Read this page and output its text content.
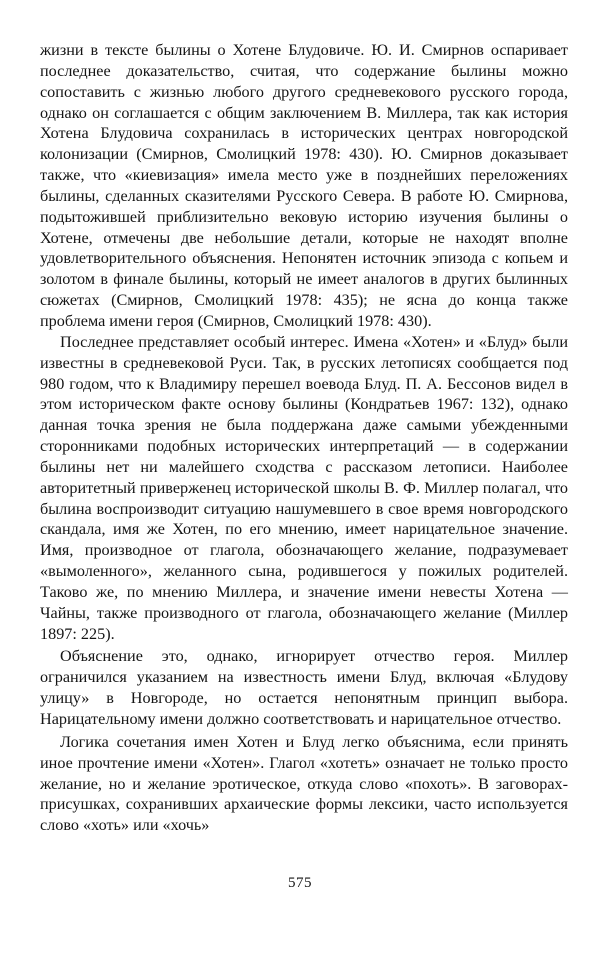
жизни в тексте былины о Хотене Блудовиче. Ю. И. Смирнов оспаривает последнее доказательство, считая, что содержание былины можно сопоставить с жизнью любого другого средневекового русского города, однако он соглашается с общим заключением В. Миллера, так как история Хотена Блудовича сохранилась в исторических центрах новгородской колонизации (Смирнов, Смолицкий 1978: 430). Ю. Смирнов доказывает также, что «киевизация» имела место уже в позднейших переложениях былины, сделанных сказителями Русского Севера. В работе Ю. Смирнова, подытожившей приблизительно вековую историю изучения былины о Хотене, отмечены две небольшие детали, которые не находят вполне удовлетворительного объяснения. Непонятен источник эпизода с копьем и золотом в финале былины, который не имеет аналогов в других былинных сюжетах (Смирнов, Смолицкий 1978: 435); не ясна до конца также проблема имени героя (Смирнов, Смолицкий 1978: 430).

Последнее представляет особый интерес. Имена «Хотен» и «Блуд» были известны в средневековой Руси. Так, в русских летописях сообщается под 980 годом, что к Владимиру перешел воевода Блуд. П. А. Бессонов видел в этом историческом факте основу былины (Кондратьев 1967: 132), однако данная точка зрения не была поддержана даже самыми убежденными сторонниками подобных исторических интерпретаций — в содержании былины нет ни малейшего сходства с рассказом летописи. Наиболее авторитетный приверженец исторической школы В. Ф. Миллер полагал, что былина воспроизводит ситуацию нашумевшего в свое время новгородского скандала, имя же Хотен, по его мнению, имеет нарицательное значение. Имя, производное от глагола, обозначающего желание, подразумевает «вымоленного», желанного сына, родившегося у пожилых родителей. Таково же, по мнению Миллера, и значение имени невесты Хотена — Чайны, также производного от глагола, обозначающего желание (Миллер 1897: 225).

Объяснение это, однако, игнорирует отчество героя. Миллер ограничился указанием на известность имени Блуд, включая «Блудову улицу» в Новгороде, но остается непонятным принцип выбора. Нарицательному имени должно соответствовать и нарицательное отчество.

Логика сочетания имен Хотен и Блуд легко объяснима, если принять иное прочтение имени «Хотен». Глагол «хотеть» означает не только просто желание, но и желание эротическое, откуда слово «похоть». В заговорах-присушках, сохранивших архаические формы лексики, часто используется слово «хоть» или «хочь»

575
